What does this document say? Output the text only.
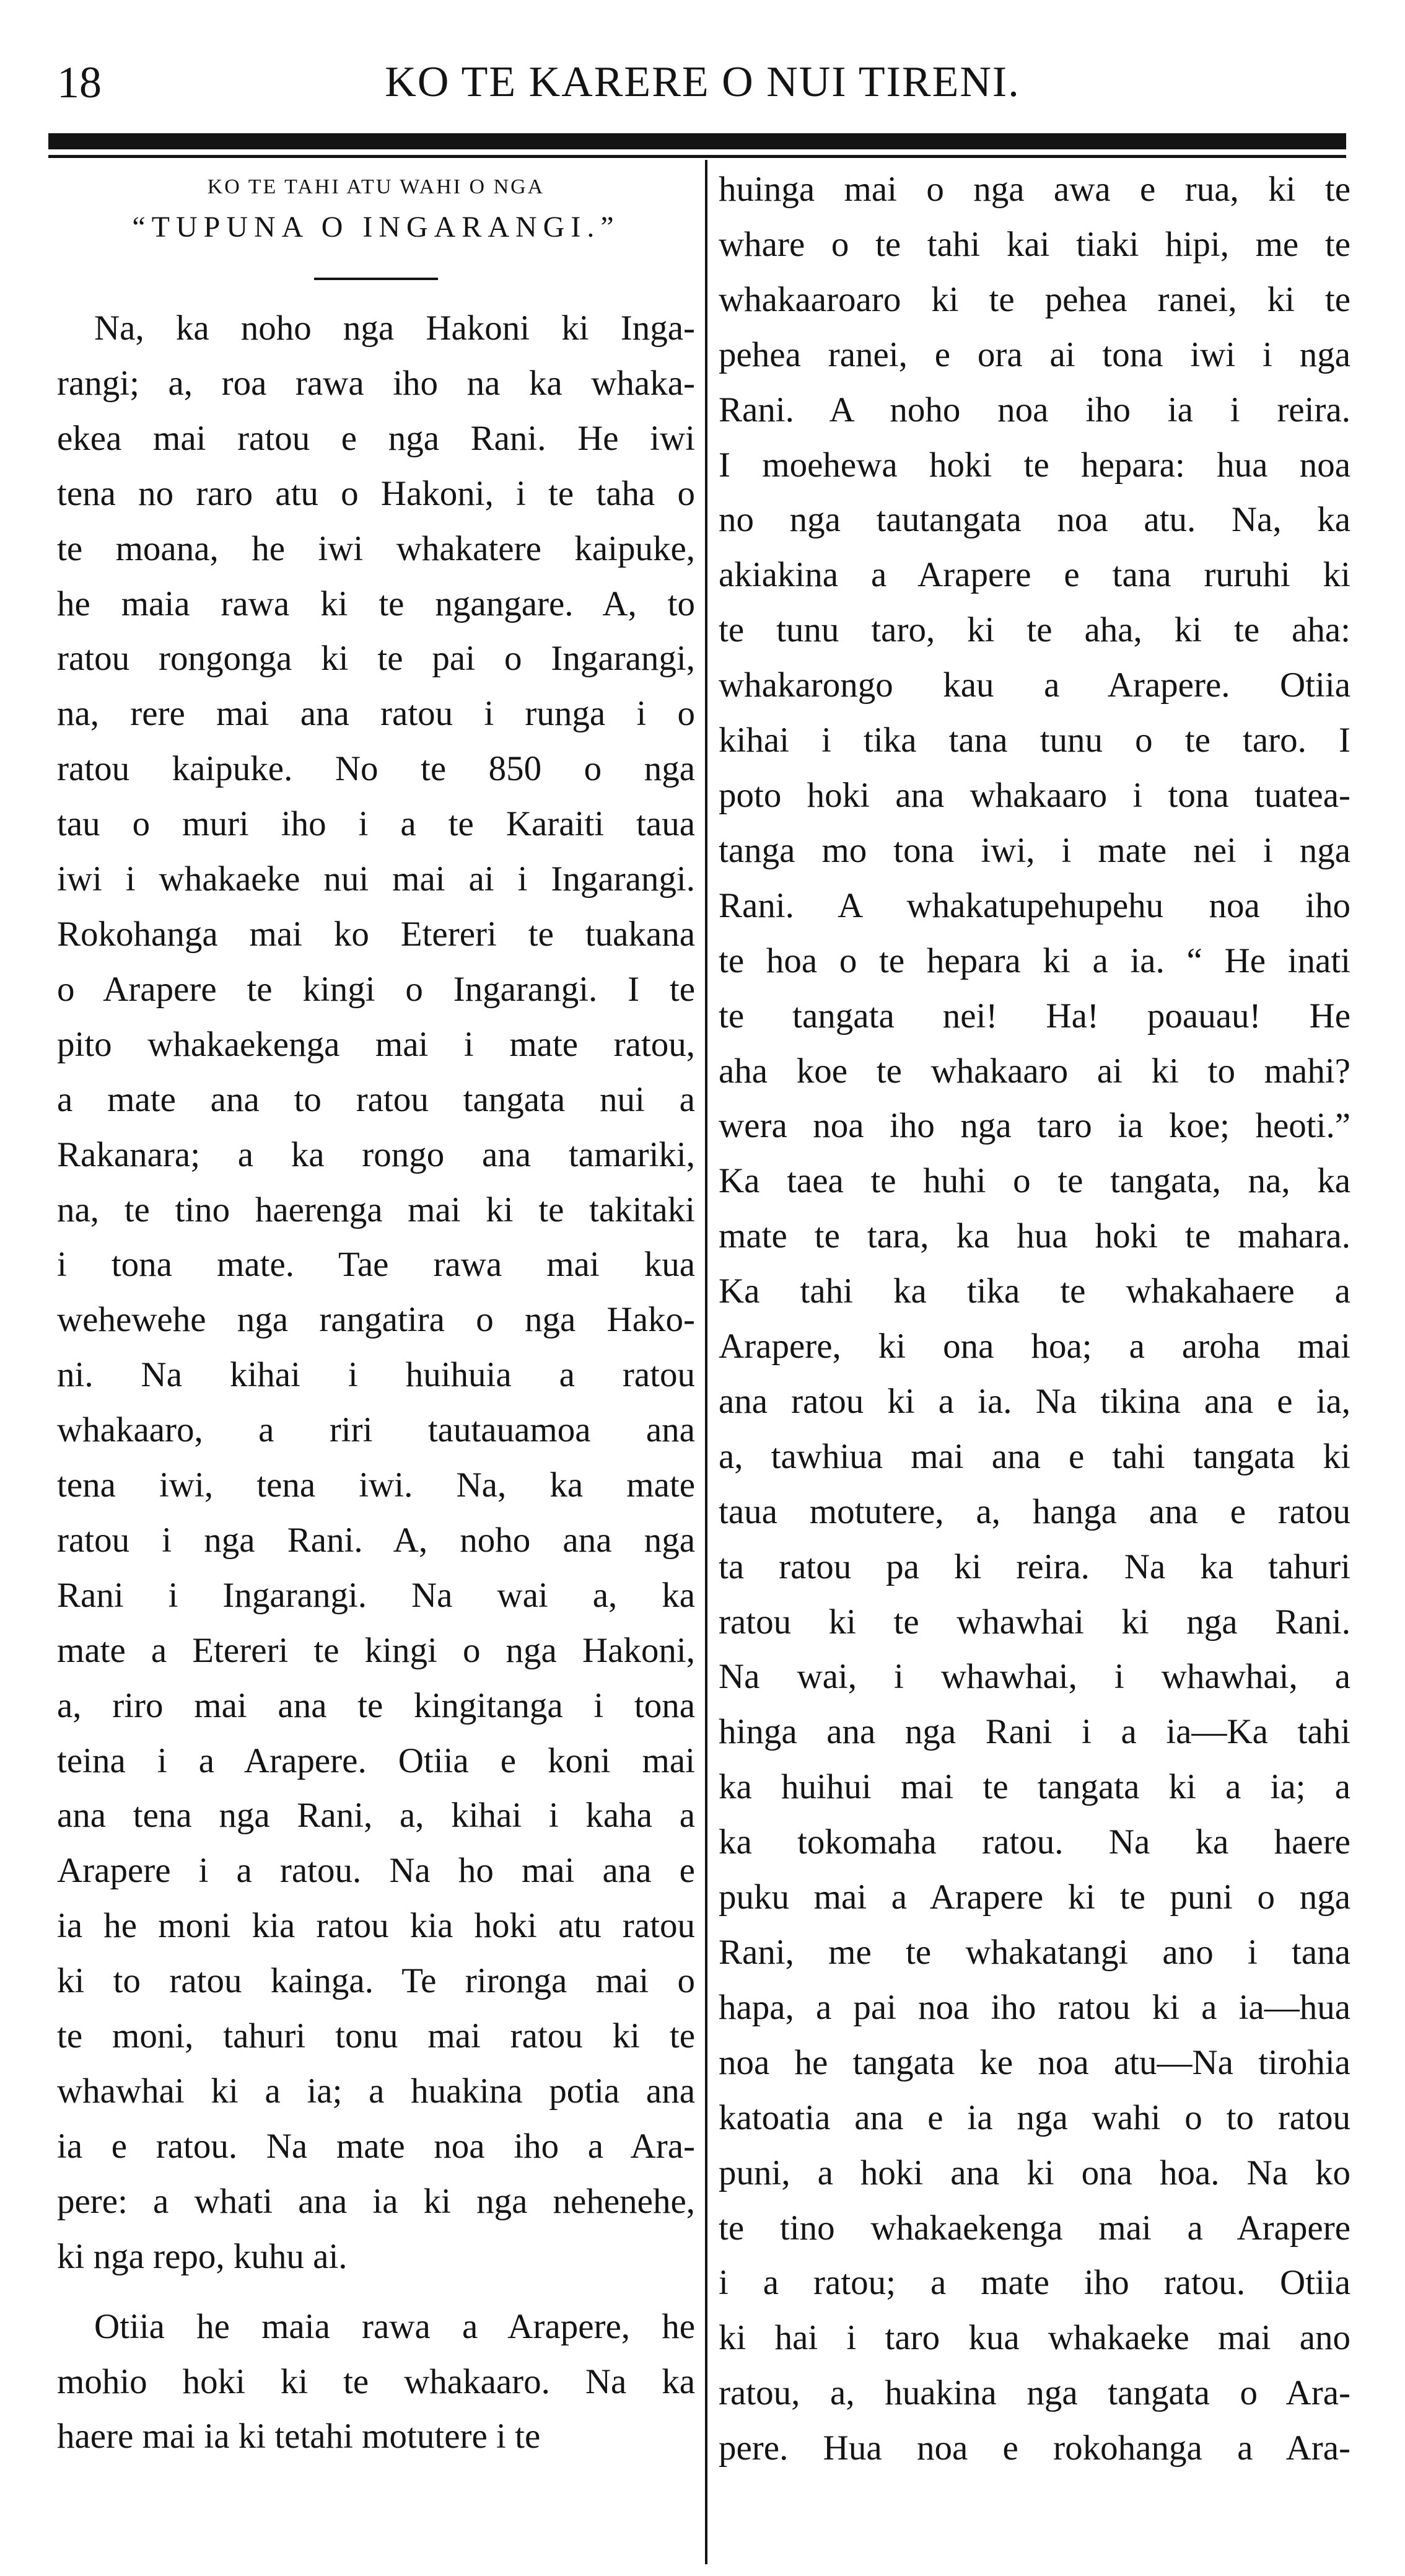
18	KO TE KARERE O NUI TIRENI.
KO TE TAHI ATU WAHI O NGA
“TUPUNA O INGARANGI.”
Na, ka noho nga Hakoni ki Inga-
rangi; a, roa rawa iho na ka whaka-
ekea mai ratou e nga Rani. He iwi
tena no raro atu o Hakoni, i te taha o
te moana, he iwi whakatere kaipuke,
he maia rawa ki te ngangare. A, to
ratou rongonga ki te pai o Ingarangi,
na, rere mai ana ratou i runga i o
ratou kaipuke. No te 850 o nga
tau o muri iho i a te Karaiti taua
iwi i whakaeke nui mai ai i Ingarangi.
Rokohanga mai ko Etereri te tuakana
o Arapere te kingi o Ingarangi. I te
pito whakaekenga mai i mate ratou,
a mate ana to ratou tangata nui a
Rakanara; a ka rongo ana tamariki,
na, te tino haerenga mai ki te takitaki
i tona mate. Tae rawa mai kua
wehewehe nga rangatira o nga Hako-
ni. Na kihai i huihuia a ratou
whakaaro, a riri tautauamoa ana
tena iwi, tena iwi. Na, ka mate
ratou i nga Rani. A, noho ana nga
Rani i Ingarangi. Na wai a, ka
mate a Etereri te kingi o nga Hakoni,
a, riro mai ana te kingitanga i tona
teina i a Arapere. Otiia e koni mai
ana tena nga Rani, a, kihai i kaha a
Arapere i a ratou. Na ho mai ana e
ia he moni kia ratou kia hoki atu ratou
ki to ratou kainga. Te rironga mai o
te moni, tahuri tonu mai ratou ki te
whawhai ki a ia; a huakina potia ana
ia e ratou. Na mate noa iho a Ara-
pere: a whati ana ia ki nga nehenehe,
ki nga repo, kuhu ai.
Otiia he maia rawa a Arapere, he
mohio hoki ki te whakaaro. Na ka
haere mai ia ki tetahi motutere i te
huinga mai o nga awa e rua, ki te
whare o te tahi kai tiaki hipi, me te
whakaaroaro ki te pehea ranei, ki te
pehea ranei, e ora ai tona iwi i nga
Rani. A noho noa iho ia i reira.
I moehewa hoki te hepara: hua noa
no nga tautangata noa atu. Na, ka
akiakina a Arapere e tana ruruhi ki
te tunu taro, ki te aha, ki te aha:
whakarongo kau a Arapere. Otiia
kihai i tika tana tunu o te taro. I
poto hoki ana whakaaro i tona tuatea-
tanga mo tona iwi, i mate nei i nga
Rani. A whakatupehupehu noa iho
te hoa o te hepara ki a ia. “ He inati
te tangata nei! Ha! poauau! He
aha koe te whakaaro ai ki to mahi?
wera noa iho nga taro ia koe; heoti.”
Ka taea te huhi o te tangata, na, ka
mate te tara, ka hua hoki te mahara.
Ka tahi ka tika te whakahaere a
Arapere, ki ona hoa; a aroha mai
ana ratou ki a ia. Na tikina ana e ia,
a, tawhiua mai ana e tahi tangata ki
taua motutere, a, hanga ana e ratou
ta ratou pa ki reira. Na ka tahuri
ratou ki te whawhai ki nga Rani.
Na wai, i whawhai, i whawhai, a
hinga ana nga Rani i a ia—Ka tahi
ka huihui mai te tangata ki a ia; a
ka tokomaha ratou. Na ka haere
puku mai a Arapere ki te puni o nga
Rani, me te whakatangi ano i tana
hapa, a pai noa iho ratou ki a ia—hua
noa he tangata ke noa atu—Na tirohia
katoatia ana e ia nga wahi o to ratou
puni, a hoki ana ki ona hoa. Na ko
te tino whakaekenga mai a Arapere
i a ratou; a mate iho ratou. Otiia
ki hai i taro kua whakaeke mai ano
ratou, a, huakina nga tangata o Ara-
pere. Hua noa e rokohanga a Ara-
